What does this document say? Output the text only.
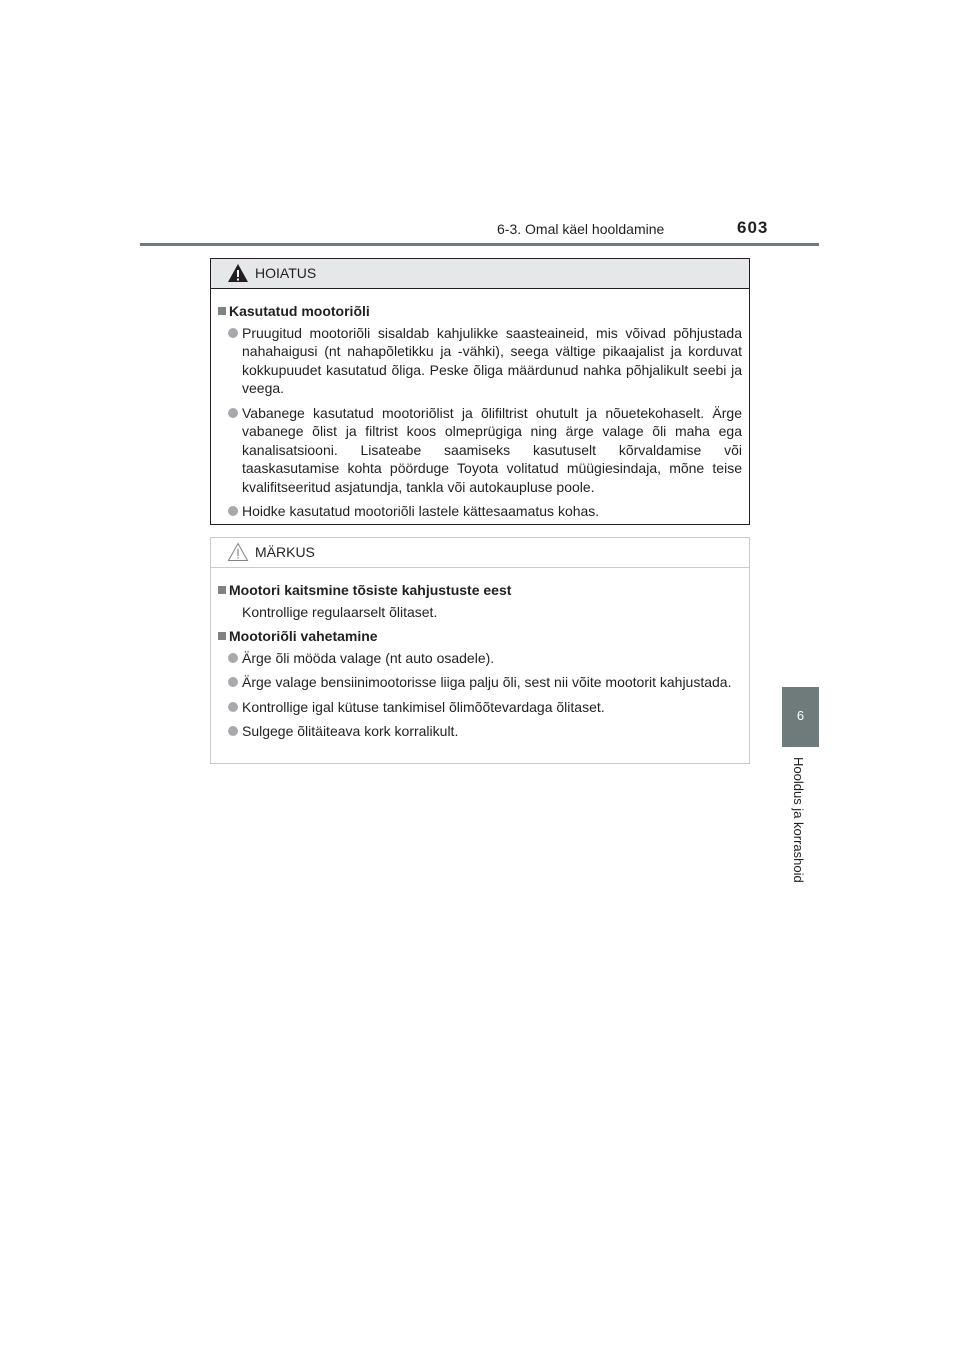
6-3. Omal käel hooldamine	603
6
Hooldus ja korrashoid
HOIATUS
Kasutatud mootoriõli
Pruugitud mootoriõli sisaldab kahjulikke saasteaineid, mis võivad põhjustada nahahaigusi (nt nahapõletikku ja -vähki), seega vältige pikaajalist ja korduvat kokkupuudet kasutatud õliga. Peske õliga määrdunud nahka põhjalikult seebi ja veega.
Vabanege kasutatud mootoriõlist ja õlifiltrist ohutult ja nõuetekohaselt. Ärge vabanege õlist ja filtrist koos olmeprügiga ning ärge valage õli maha ega kanalisatsiooni. Lisateabe saamiseks kasutuselt kõrvaldamise või taaskasutamise kohta pöörduge Toyota volitatud müügiesindaja, mõne teise kvalifitseeritud asjatundja, tankla või autokaupluse poole.
Hoidke kasutatud mootoriõli lastele kättesaamatus kohas.
MÄRKUS
Mootori kaitsmine tõsiste kahjustuste eest
Kontrollige regulaarselt õlitaset.
Mootoriõli vahetamine
Ärge õli mööda valage (nt auto osadele).
Ärge valage bensiinimootorisse liiga palju õli, sest nii võite mootorit kahjustada.
Kontrollige igal kütuse tankimisel õlimõõtevardaga õlitaset.
Sulgege õlitäiteava kork korralikult.
